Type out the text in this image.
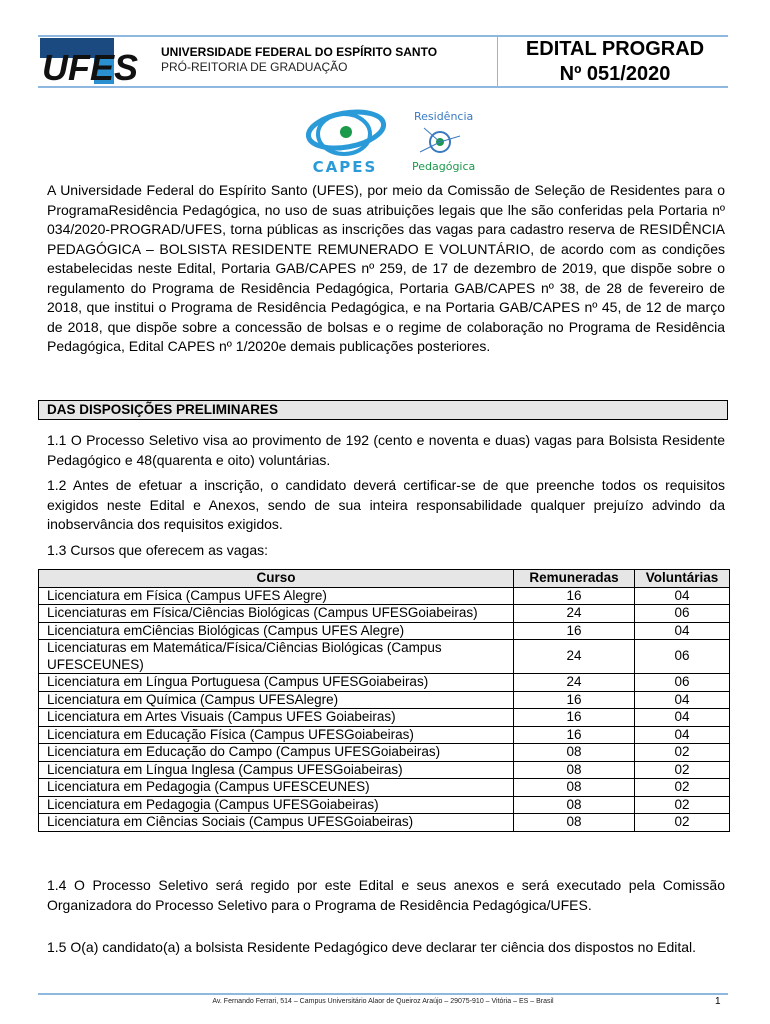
UFES UNIVERSIDADE FEDERAL DO ESPÍRITO SANTO
PRÓ-REITORIA DE GRADUAÇÃO
EDITAL PROGRAD
Nº 051/2020
CAPES
Residência
Pedagógica
A Universidade Federal do Espírito Santo (UFES), por meio da Comissão de Seleção de Residentes para o ProgramaResidência Pedagógica, no uso de suas atribuições legais que lhe são conferidas pela Portaria nº 034/2020-PROGRAD/UFES, torna públicas as inscrições das vagas para cadastro reserva de RESIDÊNCIA PEDAGÓGICA – BOLSISTA RESIDENTE REMUNERADO E VOLUNTÁRIO, de acordo com as condições estabelecidas neste Edital, Portaria GAB/CAPES nº 259, de 17 de dezembro de 2019, que dispõe sobre o regulamento do Programa de Residência Pedagógica, Portaria GAB/CAPES nº 38, de 28 de fevereiro de 2018, que institui o Programa de Residência Pedagógica, e na Portaria GAB/CAPES nº 45, de 12 de março de 2018, que dispõe sobre a concessão de bolsas e o regime de colaboração no Programa de Residência Pedagógica, Edital CAPES nº 1/2020e demais publicações posteriores.
DAS DISPOSIÇÕES PRELIMINARES
1.1 O Processo Seletivo visa ao provimento de 192 (cento e noventa e duas) vagas para Bolsista Residente Pedagógico e 48(quarenta e oito) voluntárias.
1.2 Antes de efetuar a inscrição, o candidato deverá certificar-se de que preenche todos os requisitos exigidos neste Edital e Anexos, sendo de sua inteira responsabilidade qualquer prejuízo advindo da inobservância dos requisitos exigidos.
1.3 Cursos que oferecem as vagas:
Curso	Remuneradas	Voluntárias
Licenciatura em Física (Campus UFES Alegre)	16	04
Licenciaturas em Física/Ciências Biológicas (Campus UFESGoiabeiras)	24	06
Licenciatura emCiências Biológicas (Campus UFES Alegre)	16	04
Licenciaturas em Matemática/Física/Ciências Biológicas (Campus UFESCEUNES)	24	06
Licenciatura em Língua Portuguesa (Campus UFESGoiabeiras)	24	06
Licenciatura em Química (Campus UFESAlegre)	16	04
Licenciatura em Artes Visuais (Campus UFES Goiabeiras)	16	04
Licenciatura em Educação Física (Campus UFESGoiabeiras)	16	04
Licenciatura em Educação do Campo (Campus UFESGoiabeiras)	08	02
Licenciatura em Língua Inglesa (Campus UFESGoiabeiras)	08	02
Licenciatura em Pedagogia (Campus UFESCEUNES)	08	02
Licenciatura em Pedagogia (Campus UFESGoiabeiras)	08	02
Licenciatura em Ciências Sociais (Campus UFESGoiabeiras)	08	02
1.4 O Processo Seletivo será regido por este Edital e seus anexos e será executado pela Comissão Organizadora do Processo Seletivo para o Programa de Residência Pedagógica/UFES.
1.5 O(a) candidato(a) a bolsista Residente Pedagógico deve declarar ter ciência dos dispostos no Edital.
Av. Fernando Ferrari, 514 – Campus Universitário Alaor de Queiroz Araújo – 29075-910 – Vitória – ES – Brasil	1
